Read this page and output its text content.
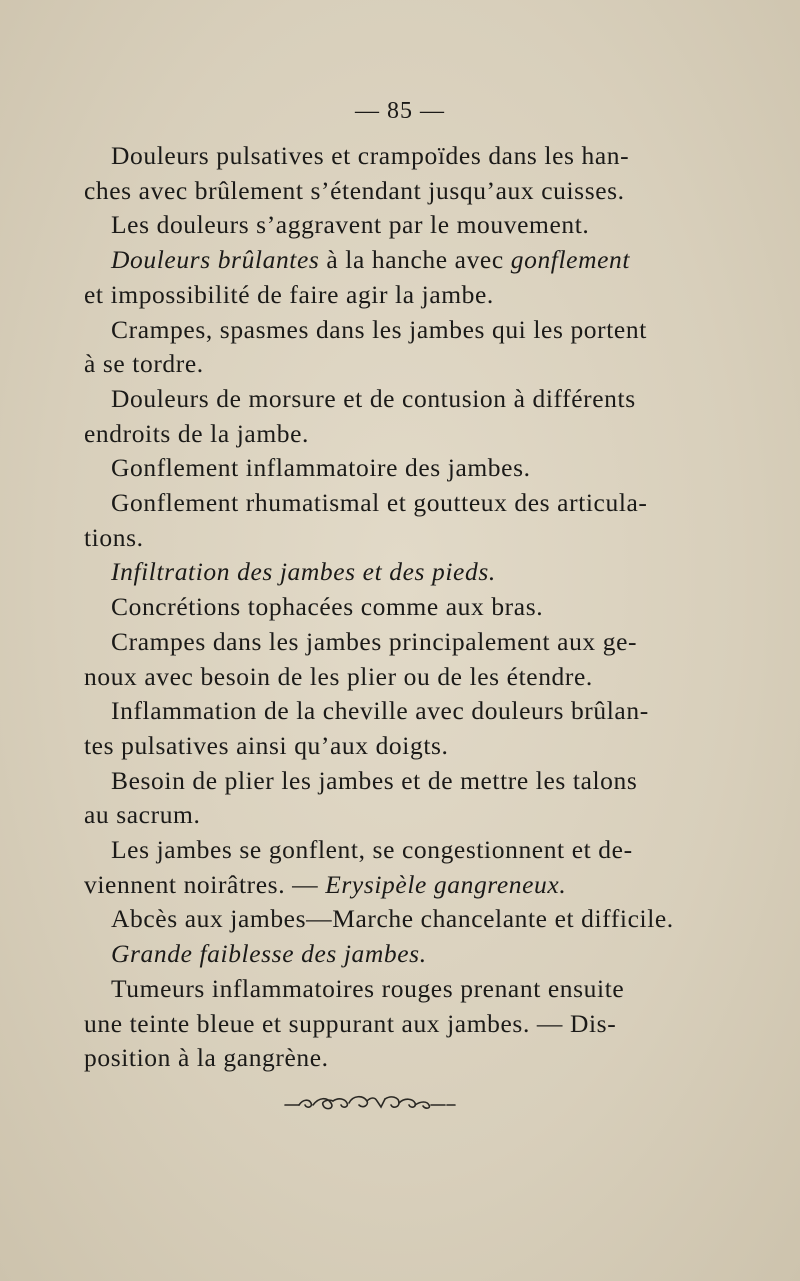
— 85 —

Douleurs pulsatives et crampoïdes dans les han-
ches avec brûlement s’étendant jusqu’aux cuisses.

Les douleurs s’aggravent par le mouvement.

Douleurs brûlantes à la hanche avec gonflement
et impossibilité de faire agir la jambe.

Crampes, spasmes dans les jambes qui les portent
à se tordre.

Douleurs de morsure et de contusion à différents
endroits de la jambe.

Gonflement inflammatoire des jambes.

Gonflement rhumatismal et goutteux des articula-
tions.

Infiltration des jambes et des pieds.

Concrétions tophacées comme aux bras.

Crampes dans les jambes principalement aux ge-
noux avec besoin de les plier ou de les étendre.

Inflammation de la cheville avec douleurs brûlan-
tes pulsatives ainsi qu’aux doigts.

Besoin de plier les jambes et de mettre les talons
au sacrum.

Les jambes se gonflent, se congestionnent et de-
viennent noirâtres. — Erysipèle gangreneux.

Abcès aux jambes—Marche chancelante et difficile.

Grande faiblesse des jambes.

Tumeurs inflammatoires rouges prenant ensuite
une teinte bleue et suppurant aux jambes. — Dis-
position à la gangrène.
